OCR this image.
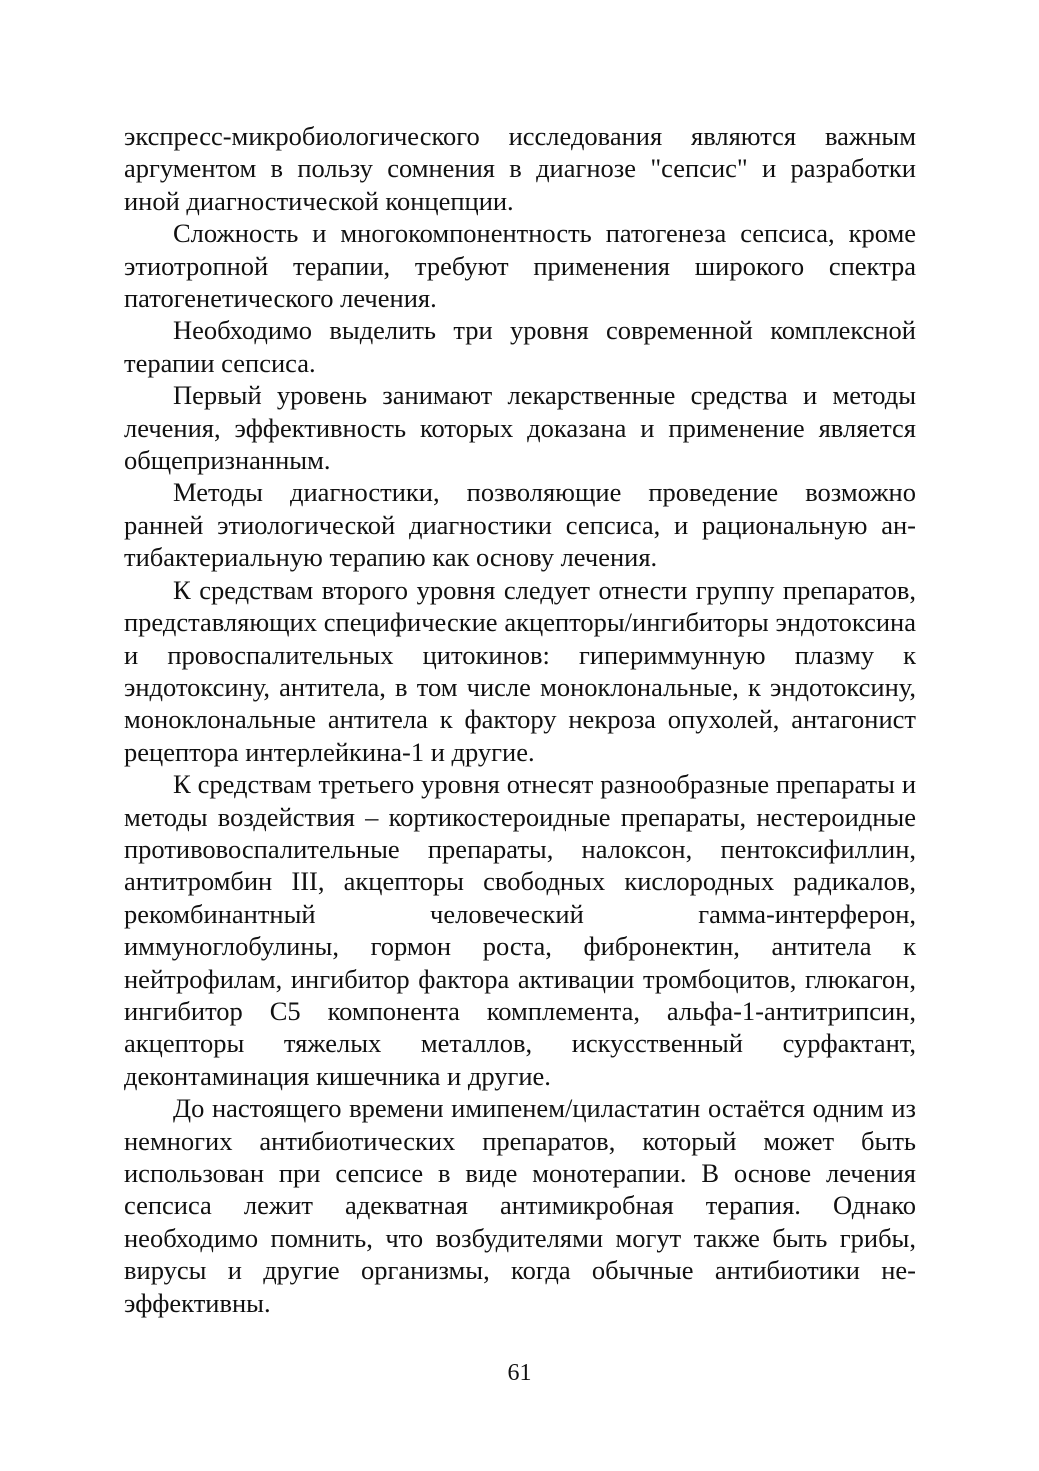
экспресс-микробиологического исследования являются важным аргументом в пользу сомнения в диагнозе "сепсис" и разработки иной диагностической концепции.

Сложность и многокомпонентность патогенеза сепсиса, кроме этиотропной терапии, требуют применения широкого спектра патогенетического лечения.

Необходимо выделить три уровня современной комплексной терапии сепсиса.

Первый уровень занимают лекарственные средства и методы лечения, эффективность которых доказана и применение является общепризнанным.

Методы диагностики, позволяющие проведение возможно ранней этиологической диагностики сепсиса, и рациональную антибактериальную терапию как основу лечения.

К средствам второго уровня следует отнести группу препаратов, представляющих специфические акцепторы/ингибиторы эндотоксина и провоспалительных цитокинов: гипериммунную плазму к эндотоксину, антитела, в том числе моноклональные, к эндотоксину, моноклональные антитела к фактору некроза опухолей, антагонист рецептора интерлейкина-1 и другие.

К средствам третьего уровня отнесят разнообразные препараты и методы воздействия – кортикостероидные препараты, нестероидные противовоспалительные препараты, налоксон, пентоксифиллин, антитромбин III, акцепторы свободных кислородных радикалов, рекомбинантный человеческий гамма-интерферон, иммуноглобулины, гормон роста, фибронектин, антитела к нейтрофилам, ингибитор фактора активации тромбоцитов, глюкагон, ингибитор С5 компонента комплемента, альфа-1-антитрипсин, акцепторы тяжелых металлов, искусственный сурфактант, деконтаминация кишечника и другие.

До настоящего времени имипенем/циластатин остаётся одним из немногих антибиотических препаратов, который может быть использован при сепсисе в виде монотерапии. В основе лечения сепсиса лежит адекватная антимикробная терапия. Однако необходимо помнить, что возбудителями могут также быть грибы, вирусы и другие организмы, когда обычные антибиотики неэффективны.

61
